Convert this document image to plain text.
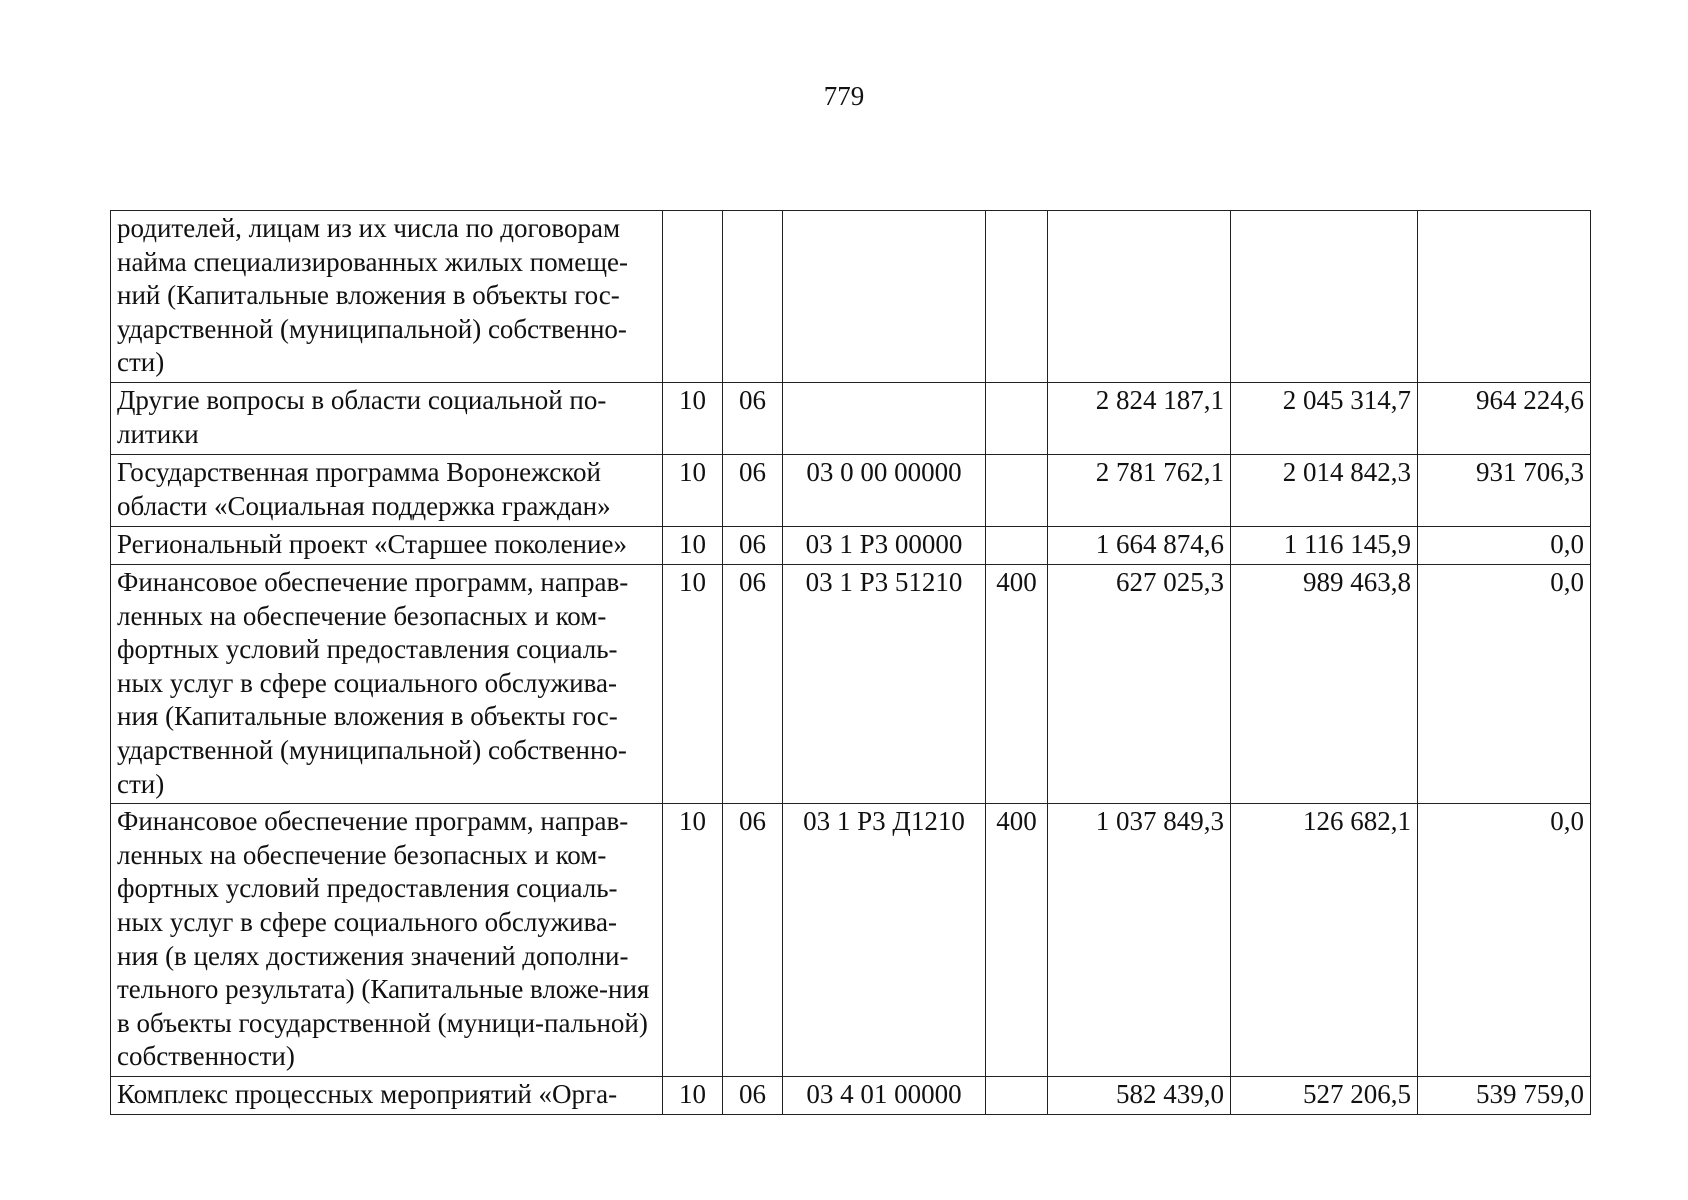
779
родителей, лицам из их числа по договорам найма специализированных жилых помеще-ний (Капитальные вложения в объекты гос-ударственной (муниципальной) собственно-сти)							
Другие вопросы в области социальной по-литики	10	06			2 824 187,1	2 045 314,7	964 224,6
Государственная программа Воронежской области «Социальная поддержка граждан»	10	06	03 0 00 00000		2 781 762,1	2 014 842,3	931 706,3
Региональный проект «Старшее поколение»	10	06	03 1 Р3 00000		1 664 874,6	1 116 145,9	0,0
Финансовое обеспечение программ, направ-ленных на обеспечение безопасных и ком-фортных условий предоставления социаль-ных услуг в сфере социального обслужива-ния (Капитальные вложения в объекты гос-ударственной (муниципальной) собственно-сти)	10	06	03 1 Р3 51210	400	627 025,3	989 463,8	0,0
Финансовое обеспечение программ, направ-ленных на обеспечение безопасных и ком-фортных условий предоставления социаль-ных услуг в сфере социального обслужива-ния (в целях достижения значений дополни-тельного результата) (Капитальные вложе-ния в объекты государственной (муници-пальной) собственности)	10	06	03 1 Р3 Д1210	400	1 037 849,3	126 682,1	0,0
Комплекс процессных мероприятий «Орга-	10	06	03 4 01 00000		582 439,0	527 206,5	539 759,0
